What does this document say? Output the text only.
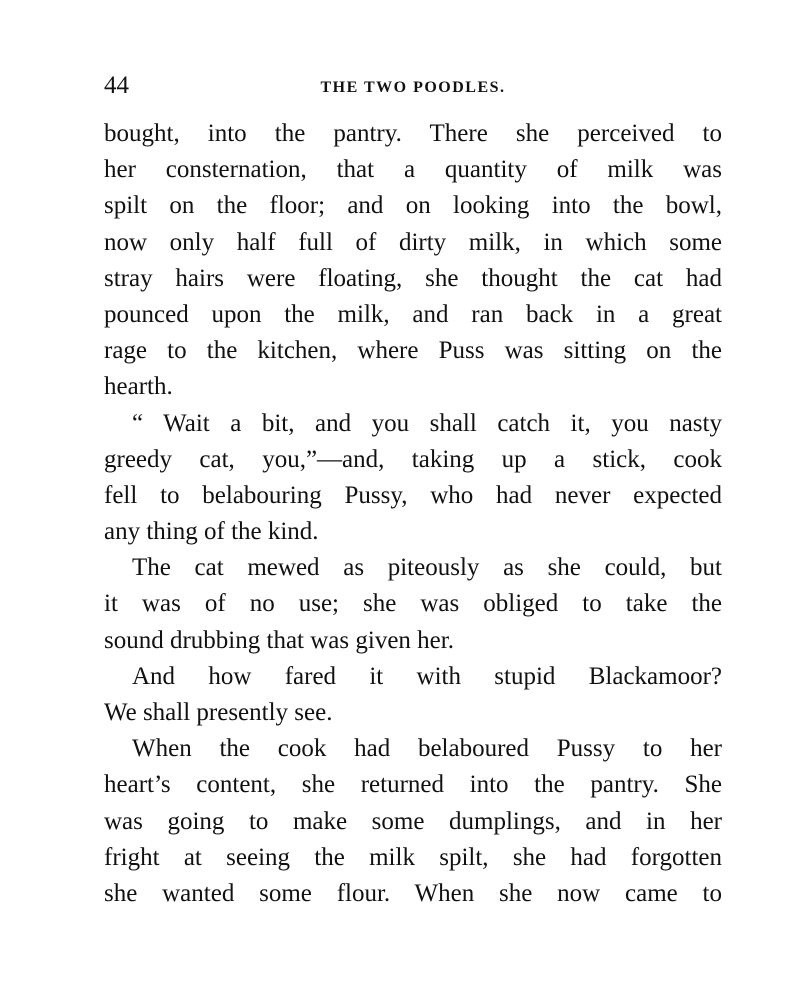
44	THE TWO POODLES.

bought, into the pantry. There she perceived to
her consternation, that a quantity of milk was
spilt on the floor; and on looking into the bowl,
now only half full of dirty milk, in which some
stray hairs were floating, she thought the cat had
pounced upon the milk, and ran back in a great
rage to the kitchen, where Puss was sitting on the
hearth.

“ Wait a bit, and you shall catch it, you nasty
greedy cat, you,”—and, taking up a stick, cook
fell to belabouring Pussy, who had never expected
any thing of the kind.

The cat mewed as piteously as she could, but
it was of no use; she was obliged to take the
sound drubbing that was given her.

And how fared it with stupid Blackamoor?
We shall presently see.

When the cook had belaboured Pussy to her
heart’s content, she returned into the pantry. She
was going to make some dumplings, and in her
fright at seeing the milk spilt, she had forgotten
she wanted some flour. When she now came to
